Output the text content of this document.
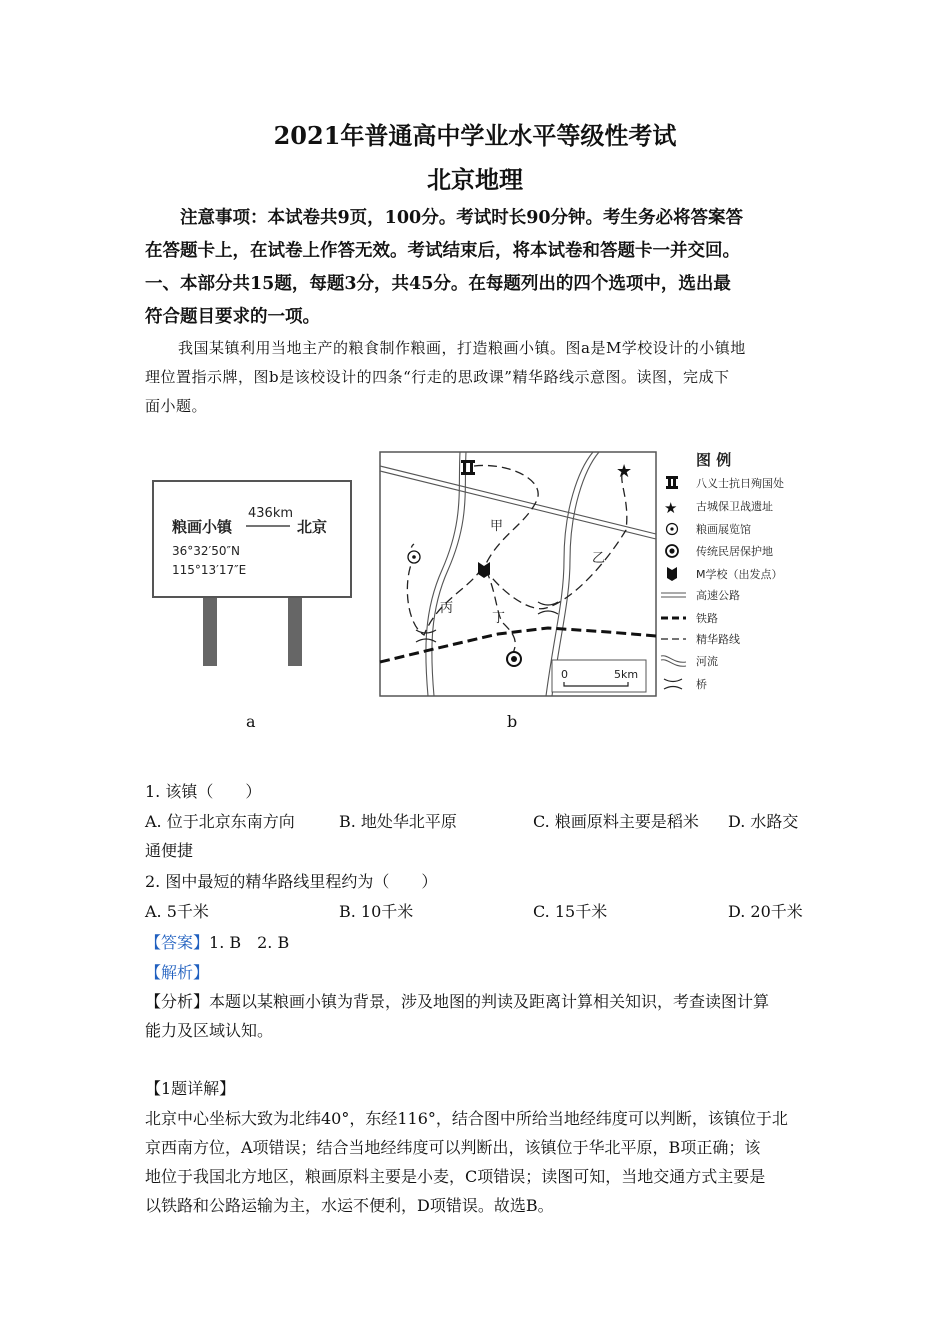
2021年普通高中学业水平等级性考试
北京地理
注意事项：本试卷共9页，100分。考试时长90分钟。考生务必将答案答
在答题卡上，在试卷上作答无效。考试结束后，将本试卷和答题卡一并交回。
一、本部分共15题，每题3分，共45分。在每题列出的四个选项中，选出最
符合题目要求的一项。
我国某镇利用当地主产的粮食制作粮画，打造粮画小镇。图a是M学校设计的小镇地
理位置指示牌，图b是该校设计的四条“行走的思政课”精华路线示意图。读图，完成下
面小题。
436km
粮画小镇	北京
36°32′50″N
115°13′17″E
a
★
甲
乙
丙
丁
0	5km
图 例
★
八义士抗日殉国处
古城保卫战遗址
粮画展览馆
传统民居保护地
M学校（出发点）
高速公路
铁路
精华路线
河流
桥
b
1. 该镇（　　）
A. 位于北京东南方向	B. 地处华北平原	C. 粮画原料主要是稻米 D. 水路交
通便捷
2. 图中最短的精华路线里程约为（　　）
A. 5千米	B. 10千米	C. 15千米	D. 20千米
【答案】1. B　2. B
【解析】
【分析】本题以某粮画小镇为背景，涉及地图的判读及距离计算相关知识，考查读图计算
能力及区域认知。
【1题详解】
北京中心坐标大致为北纬40°，东经116°，结合图中所给当地经纬度可以判断，该镇位于北
京西南方位，A项错误；结合当地经纬度可以判断出，该镇位于华北平原，B项正确；该
地位于我国北方地区，粮画原料主要是小麦，C项错误；读图可知，当地交通方式主要是
以铁路和公路运输为主，水运不便利，D项错误。故选B。
